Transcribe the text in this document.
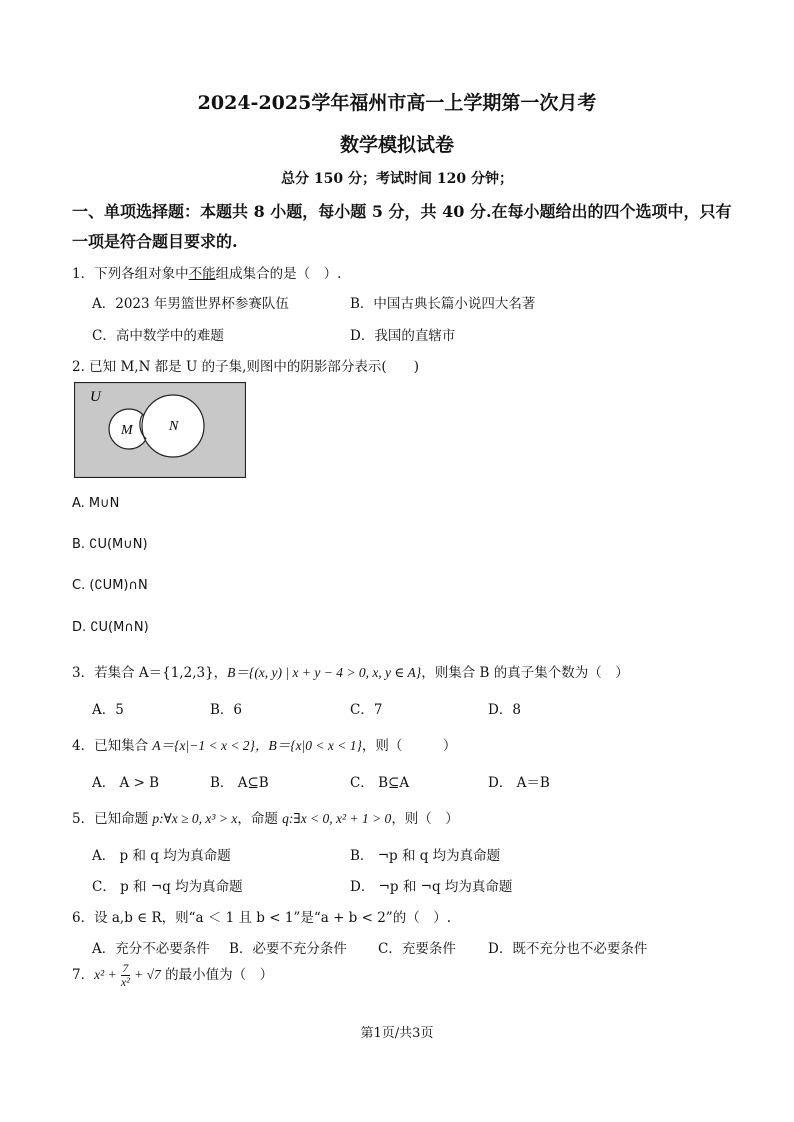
2024-2025学年福州市高一上学期第一次月考
数学模拟试卷
总分 150 分；考试时间 120 分钟；
一、单项选择题：本题共 8 小题，每小题 5 分，共 40 分.在每小题给出的四个选项中，只有
一项是符合题目要求的.
1．下列各组对象中不能组成集合的是（　）.
A．2023 年男篮世界杯参赛队伍	B．中国古典长篇小说四大名著
C．高中数学中的难题	D．我国的直辖市
2. 已知 M,N 都是 U 的子集,则图中的阴影部分表示(　　)
U
M	N
A. M∪N
B. ∁U(M∪N)
C. (∁UM)∩N
D. ∁U(M∩N)
3．若集合 A＝{1,2,3}，B＝{(x, y) | x + y − 4 > 0, x, y ∈ A}，则集合 B 的真子集个数为（　）
A．5	B．6	C．7	D．8
4．已知集合 A＝{x|−1 < x < 2}，B＝{x|0 < x < 1}，则（　　　）
A． A > B	B． A⊆B	C． B⊆A	D． A＝B
5．已知命题 p:∀x ≥ 0, x³ > x，命题 q:∃x < 0, x² + 1 > 0，则（　）
A． p 和 q 均为真命题	B． ¬p 和 q 均为真命题
C． p 和 ¬q 均为真命题	D． ¬p 和 ¬q 均为真命题
6．设 a,b ∈ R，则“a ＜ 1 且 b < 1”是“a + b < 2”的（　）.
A．充分不必要条件 B．必要不充分条件 C．充要条件 D．既不充分也不必要条件
7．$x^2 + \frac{7}{\text{x²}} + √7$ 的最小值为（　）
第1页/共3页
